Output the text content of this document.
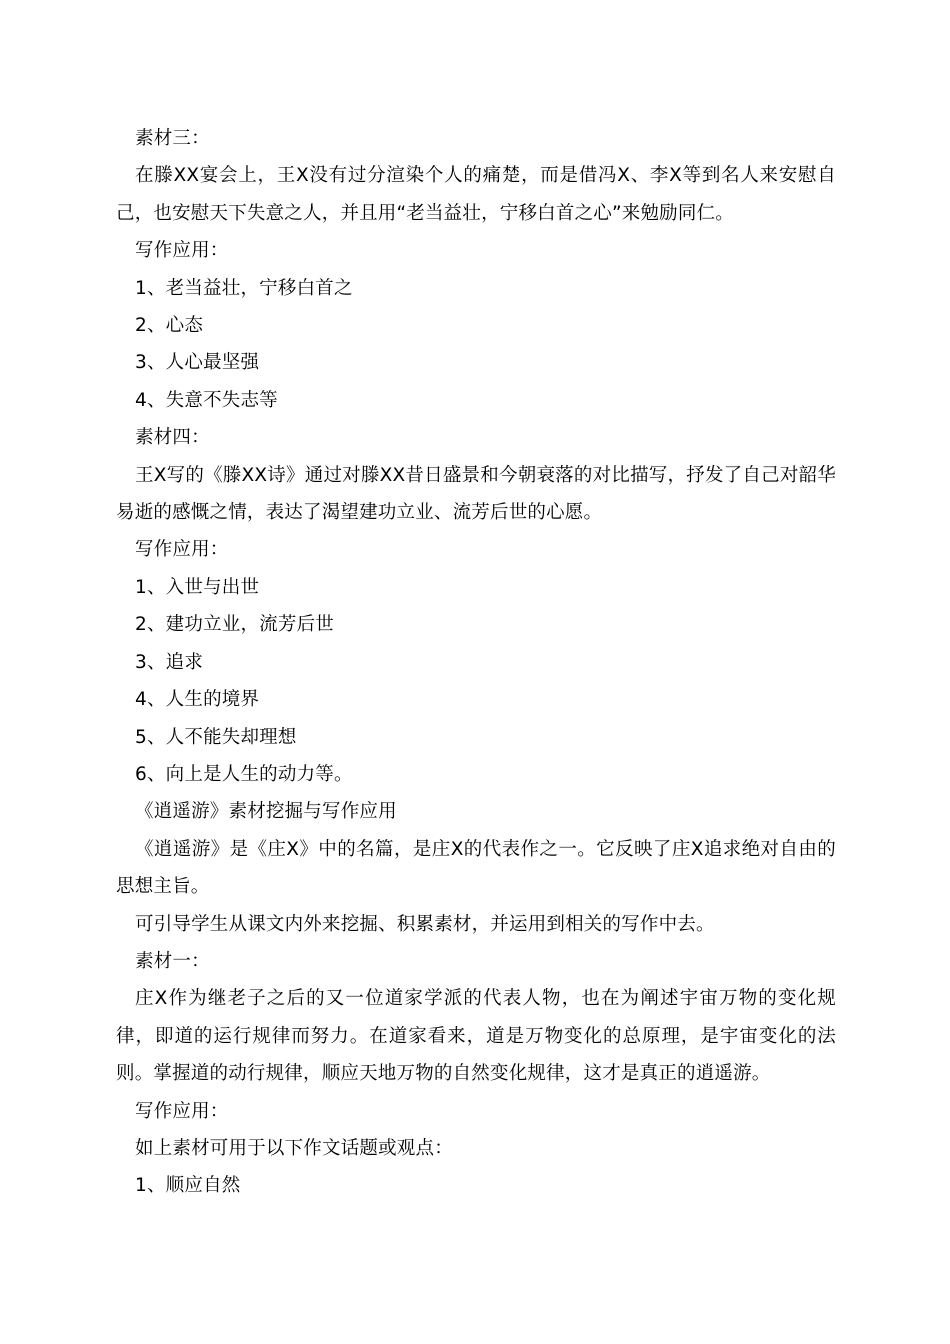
素材三：

在滕XX宴会上，王X没有过分渲染个人的痛楚，而是借冯X、李X等到名人来安慰自己，也安慰天下失意之人，并且用“老当益壮，宁移白首之心”来勉励同仁。

写作应用：

1、老当益壮，宁移白首之

2、心态

3、人心最坚强

4、失意不失志等

素材四：

王X写的《滕XX诗》通过对滕XX昔日盛景和今朝衰落的对比描写，抒发了自己对韶华易逝的感慨之情，表达了渴望建功立业、流芳后世的心愿。

写作应用：

1、入世与出世

2、建功立业，流芳后世

3、追求

4、人生的境界

5、人不能失却理想

6、向上是人生的动力等。

《逍遥游》素材挖掘与写作应用

《逍遥游》是《庄X》中的名篇，是庄X的代表作之一。它反映了庄X追求绝对自由的思想主旨。

可引导学生从课文内外来挖掘、积累素材，并运用到相关的写作中去。

素材一：

庄X作为继老子之后的又一位道家学派的代表人物，也在为阐述宇宙万物的变化规律，即道的运行规律而努力。在道家看来，道是万物变化的总原理，是宇宙变化的法则。掌握道的动行规律，顺应天地万物的自然变化规律，这才是真正的逍遥游。

写作应用：

如上素材可用于以下作文话题或观点：

1、顺应自然
